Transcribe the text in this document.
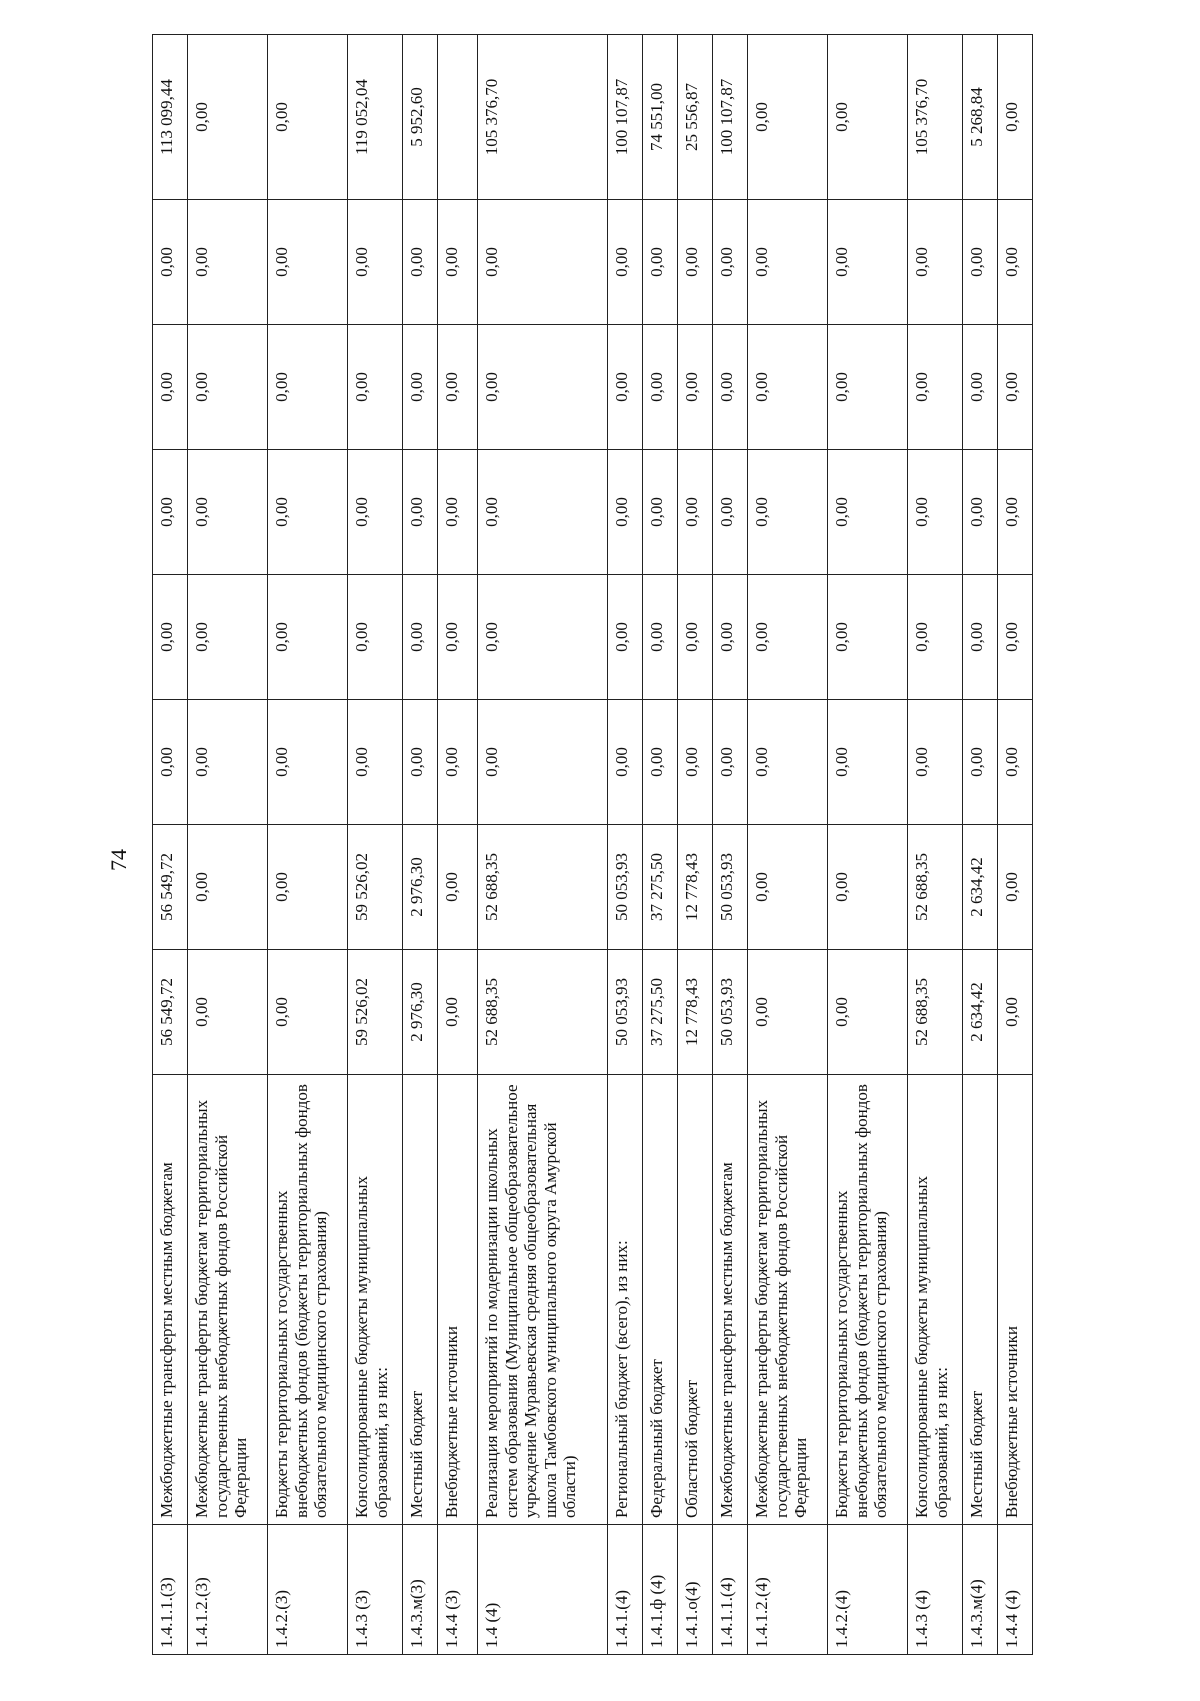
74
1.4.1.1.(3)	Межбюджетные трансферты местным бюджетам	56 549,72	56 549,72	0,00	0,00	0,00	0,00	0,00	113 099,44
1.4.1.2.(3)	Межбюджетные трансферты бюджетам территориальных государственных внебюджетных фондов Российской Федерации	0,00	0,00	0,00	0,00	0,00	0,00	0,00	0,00
1.4.2.(3)	Бюджеты территориальных государственных внебюджетных фондов (бюджеты территориальных фондов обязательного медицинского страхования)	0,00	0,00	0,00	0,00	0,00	0,00	0,00	0,00
1.4.3 (3)	Консолидированные бюджеты муниципальных образований, из них:	59 526,02	59 526,02	0,00	0,00	0,00	0,00	0,00	119 052,04
1.4.3.м(3)	Местный бюджет	2 976,30	2 976,30	0,00	0,00	0,00	0,00	0,00	5 952,60
1.4.4 (3)	Внебюджетные источники	0,00	0,00	0,00	0,00	0,00	0,00	0,00	
1.4 (4)	Реализация мероприятий по модернизации школьных систем образования (Муниципальное общеобразовательное учреждение Муравьевская средняя общеобразовательная школа Тамбовского муниципального округа Амурской области)	52 688,35	52 688,35	0,00	0,00	0,00	0,00	0,00	105 376,70
1.4.1.(4)	Региональный бюджет (всего), из них:	50 053,93	50 053,93	0,00	0,00	0,00	0,00	0,00	100 107,87
1.4.1.ф (4)	Федеральный бюджет	37 275,50	37 275,50	0,00	0,00	0,00	0,00	0,00	74 551,00
1.4.1.о(4)	Областной бюджет	12 778,43	12 778,43	0,00	0,00	0,00	0,00	0,00	25 556,87
1.4.1.1.(4)	Межбюджетные трансферты местным бюджетам	50 053,93	50 053,93	0,00	0,00	0,00	0,00	0,00	100 107,87
1.4.1.2.(4)	Межбюджетные трансферты бюджетам территориальных государственных внебюджетных фондов Российской Федерации	0,00	0,00	0,00	0,00	0,00	0,00	0,00	0,00
1.4.2.(4)	Бюджеты территориальных государственных внебюджетных фондов (бюджеты территориальных фондов обязательного медицинского страхования)	0,00	0,00	0,00	0,00	0,00	0,00	0,00	0,00
1.4.3 (4)	Консолидированные бюджеты муниципальных образований, из них:	52 688,35	52 688,35	0,00	0,00	0,00	0,00	0,00	105 376,70
1.4.3.м(4)	Местный бюджет	2 634,42	2 634,42	0,00	0,00	0,00	0,00	0,00	5 268,84
1.4.4 (4)	Внебюджетные источники	0,00	0,00	0,00	0,00	0,00	0,00	0,00	0,00
